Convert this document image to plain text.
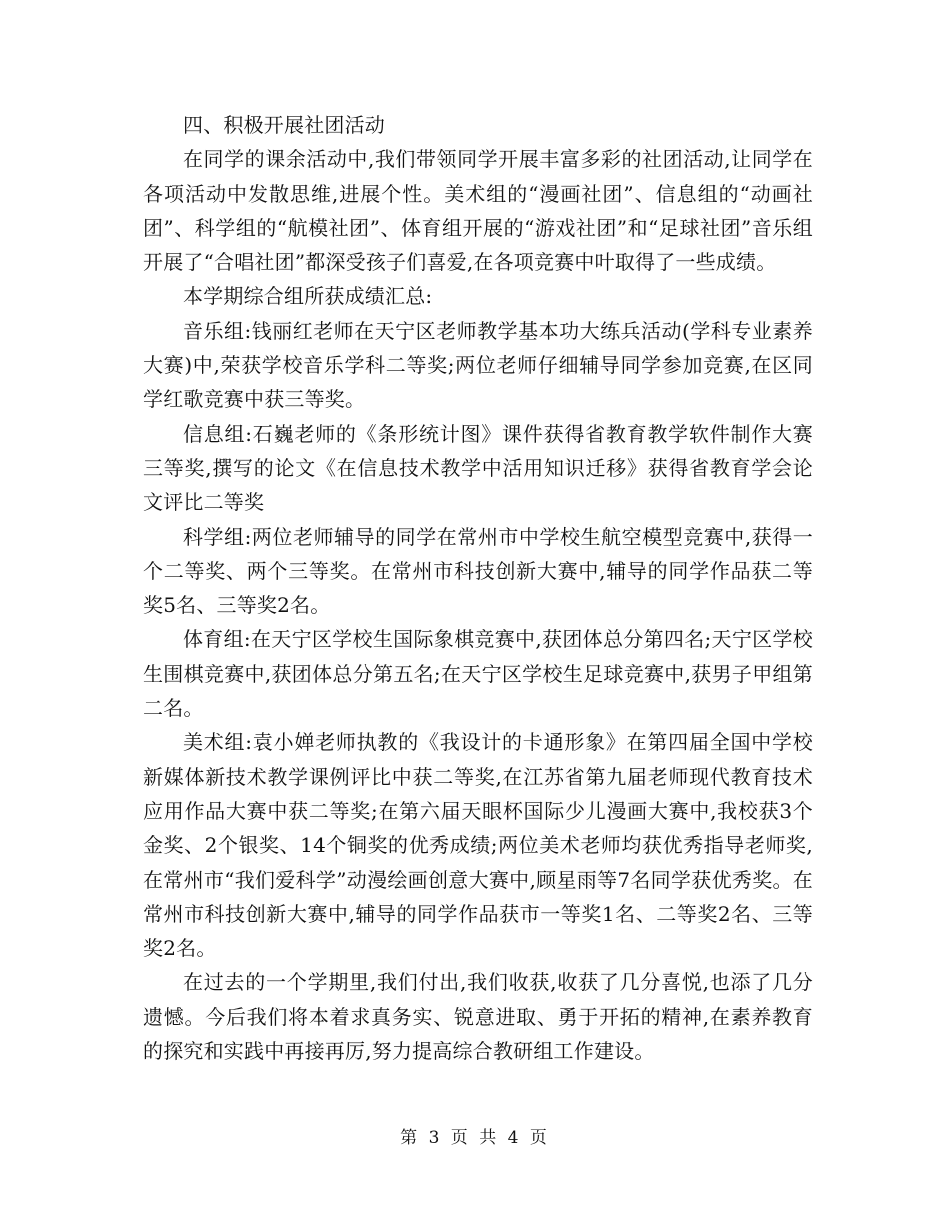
四、积极开展社团活动

在同学的课余活动中,我们带领同学开展丰富多彩的社团活动,让同学在各项活动中发散思维,进展个性。美术组的“漫画社团”、信息组的“动画社团”、科学组的“航模社团”、体育组开展的“游戏社团”和“足球社团”音乐组开展了“合唱社团”都深受孩子们喜爱,在各项竞赛中叶取得了一些成绩。

本学期综合组所获成绩汇总:

音乐组:钱丽红老师在天宁区老师教学基本功大练兵活动(学科专业素养大赛)中,荣获学校音乐学科二等奖;两位老师仔细辅导同学参加竞赛,在区同学红歌竞赛中获三等奖。

信息组:石巍老师的《条形统计图》课件获得省教育教学软件制作大赛三等奖,撰写的论文《在信息技术教学中活用知识迁移》获得省教育学会论文评比二等奖

科学组:两位老师辅导的同学在常州市中学校生航空模型竞赛中,获得一个二等奖、两个三等奖。在常州市科技创新大赛中,辅导的同学作品获二等奖5名、三等奖2名。

体育组:在天宁区学校生国际象棋竞赛中,获团体总分第四名;天宁区学校生围棋竞赛中,获团体总分第五名;在天宁区学校生足球竞赛中,获男子甲组第二名。

美术组:袁小婵老师执教的《我设计的卡通形象》在第四届全国中学校新媒体新技术教学课例评比中获二等奖,在江苏省第九届老师现代教育技术应用作品大赛中获二等奖;在第六届天眼杯国际少儿漫画大赛中,我校获3个金奖、2个银奖、14个铜奖的优秀成绩;两位美术老师均获优秀指导老师奖,在常州市“我们爱科学”动漫绘画创意大赛中,顾星雨等7名同学获优秀奖。在常州市科技创新大赛中,辅导的同学作品获市一等奖1名、二等奖2名、三等奖2名。

在过去的一个学期里,我们付出,我们收获,收获了几分喜悦,也添了几分遗憾。今后我们将本着求真务实、锐意进取、勇于开拓的精神,在素养教育的探究和实践中再接再厉,努力提高综合教研组工作建设。

第 3 页 共 4 页
